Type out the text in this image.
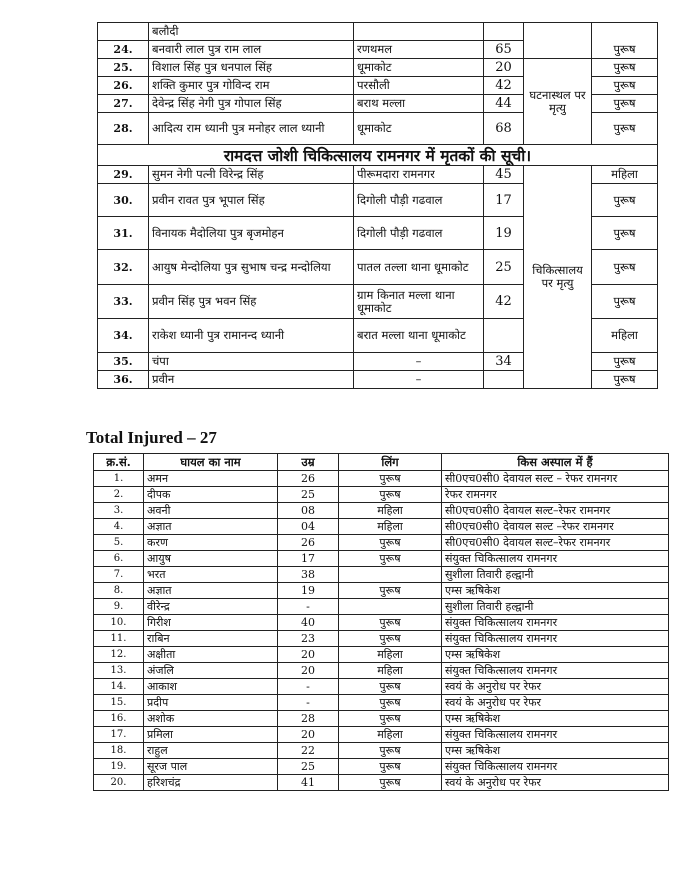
	बलौदी				
24.	बनवारी लाल पुत्र राम लाल	रणथमल	65		पुरूष
25.	विशाल सिंह पुत्र धनपाल सिंह	धूमाकोट	20	घटनास्थल पर मृत्यु	पुरूष
26.	शक्ति कुमार पुत्र गोविन्द राम	परसौली	42		पुरूष
27.	देवेन्द्र सिंह नेगी पुत्र गोपाल सिंह	बराथ मल्ला	44		पुरूष
28.	आदित्य राम ध्यानी पुत्र मनोहर लाल ध्यानी	धूमाकोट	68		पुरूष
रामदत्त जोशी चिकित्सालय रामनगर में मृतकों की सूची।					
29.	सुमन नेगी पत्नी विरेन्द्र सिंह	पीरूमदारा रामनगर	45	चिकित्सालय पर मृत्यु	महिला
30.	प्रवीन रावत पुत्र भूपाल सिंह	दिगोली पौड़ी गढवाल	17		पुरूष
31.	विनायक मैदोलिया पुत्र बृजमोहन	दिगोली पौड़ी गढवाल	19		पुरूष
32.	आयुष मेन्दोलिया पुत्र सुभाष चन्द्र मन्दोलिया	पातल तल्ला थाना धूमाकोट	25		पुरूष
33.	प्रवीन सिंह पुत्र भवन सिंह	ग्राम किनात मल्ला थाना धूमाकोट	42		पुरूष
34.	राकेश ध्यानी पुत्र रामानन्द ध्यानी	बरात मल्ला थाना धूमाकोट			महिला
35.	चंपा	–	34		पुरूष
36.	प्रवीन	–			पुरूष
Total Injured – 27
क्र.सं.	घायल का नाम	उम्र	लिंग	किस अस्पाल में हैं
1.	अमन	26	पुरूष	सी0एच0सी0 देवायल सल्ट – रेफर रामनगर
2.	दीपक	25	पुरूष	रेफर रामनगर
3.	अवनी	08	महिला	सी0एच0सी0 देवायल सल्ट–रेफर रामनगर
4.	अज्ञात	04	महिला	सी0एच0सी0 देवायल सल्ट –रेफर रामनगर
5.	करण	26	पुरूष	सी0एच0सी0 देवायल सल्ट–रेफर रामनगर
6.	आयुष	17	पुरूष	संयुक्त चिकित्सालय रामनगर
7.	भरत	38		सुशीला तिवारी हल्द्वानी
8.	अज्ञात	19	पुरूष	एम्स ऋषिकेश
9.	वीरेन्द्र	-		सुशीला तिवारी हल्द्वानी
10.	गिरीश	40	पुरूष	संयुक्त चिकित्सालय रामनगर
11.	राबिन	23	पुरूष	संयुक्त चिकित्सालय रामनगर
12.	अक्षीता	20	महिला	एम्स ऋषिकेश
13.	अंजलि	20	महिला	संयुक्त चिकित्सालय रामनगर
14.	आकाश	-	पुरूष	स्वयं के अनुरोध पर रेफर
15.	प्रदीप	-	पुरूष	स्वयं के अनुरोध पर रेफर
16.	अशोक	28	पुरूष	एम्स ऋषिकेश
17.	प्रमिला	20	महिला	संयुक्त चिकित्सालय रामनगर
18.	राहुल	22	पुरूष	एम्स ऋषिकेश
19.	सूरज पाल	25	पुरूष	संयुक्त चिकित्सालय रामनगर
20.	हरिशचंद्र	41	पुरूष	स्वयं के अनुरोध पर रेफर
